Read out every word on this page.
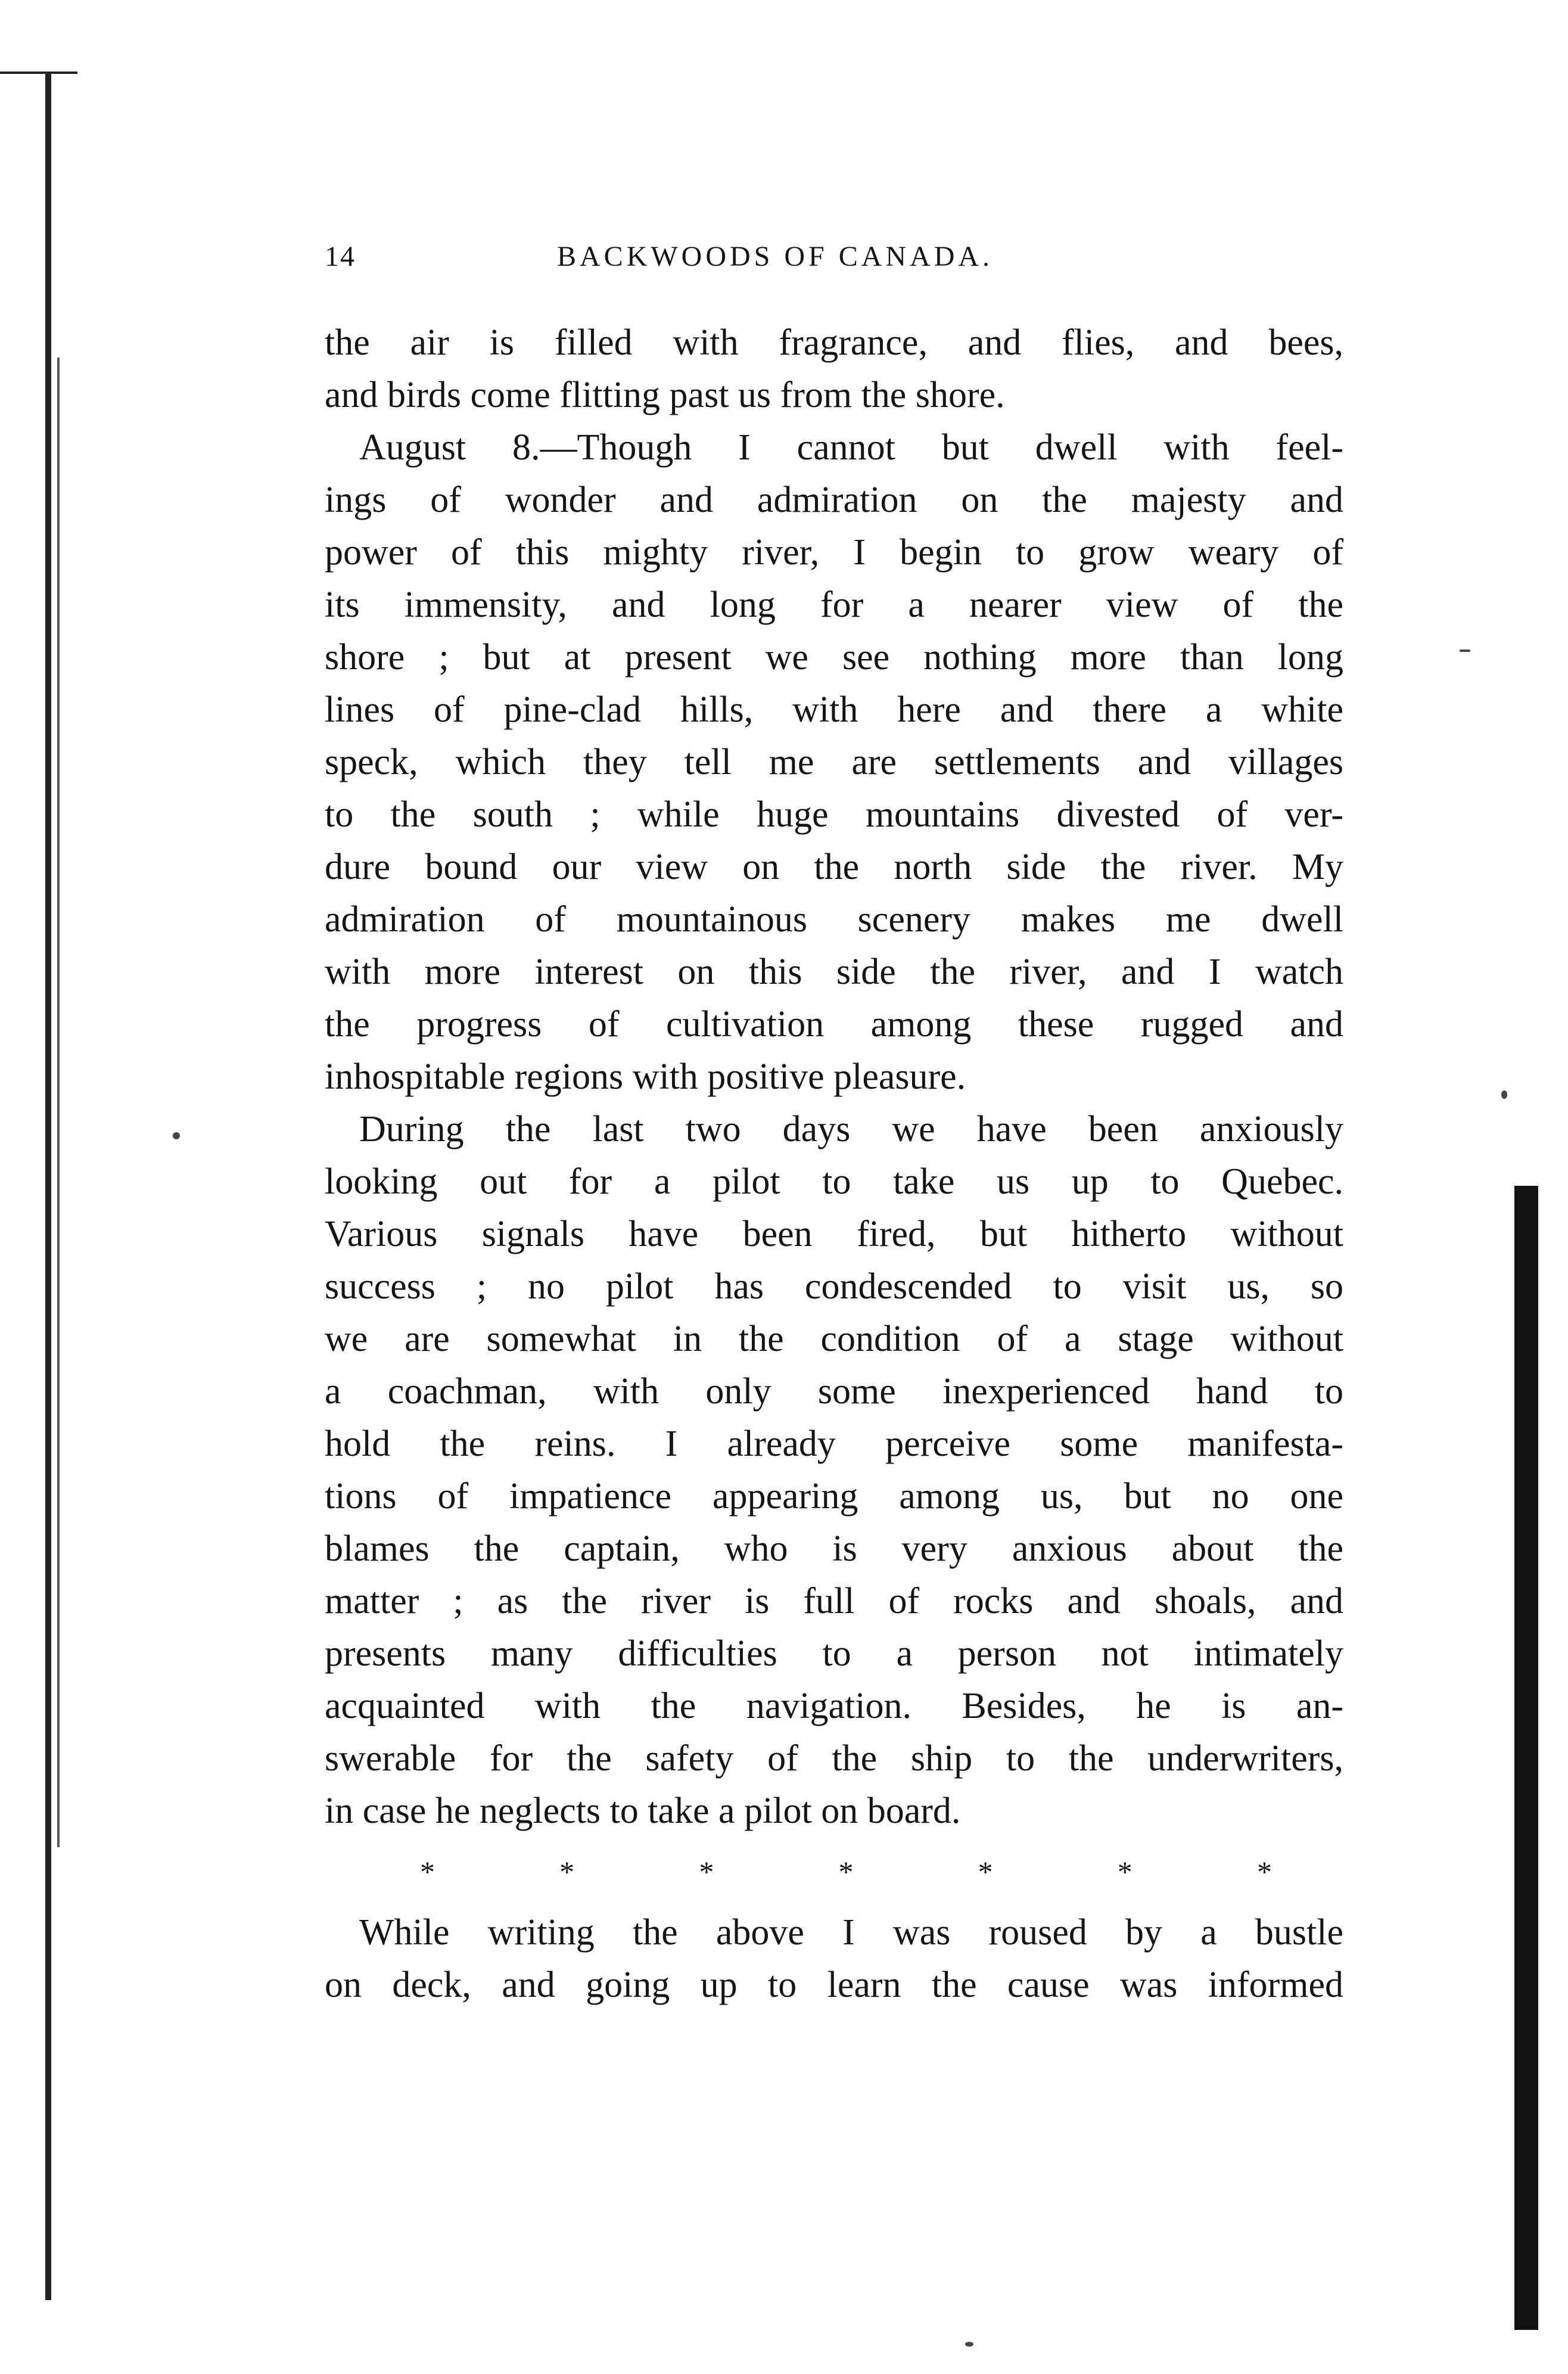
14	BACKWOODS OF CANADA.
the air is filled with fragrance, and flies, and bees,
and birds come flitting past us from the shore.
August 8.—Though I cannot but dwell with feel-
ings of wonder and admiration on the majesty and
power of this mighty river, I begin to grow weary of
its immensity, and long for a nearer view of the
shore ; but at present we see nothing more than long
lines of pine-clad hills, with here and there a white
speck, which they tell me are settlements and villages
to the south ; while huge mountains divested of ver-
dure bound our view on the north side the river. My
admiration of mountainous scenery makes me dwell
with more interest on this side the river, and I watch
the progress of cultivation among these rugged and
inhospitable regions with positive pleasure.
During the last two days we have been anxiously
looking out for a pilot to take us up to Quebec.
Various signals have been fired, but hitherto without
success ; no pilot has condescended to visit us, so
we are somewhat in the condition of a stage without
a coachman, with only some inexperienced hand to
hold the reins. I already perceive some manifesta-
tions of impatience appearing among us, but no one
blames the captain, who is very anxious about the
matter ; as the river is full of rocks and shoals, and
presents many difficulties to a person not intimately
acquainted with the navigation. Besides, he is an-
swerable for the safety of the ship to the underwriters,
in case he neglects to take a pilot on board.
*	*	*	*	*	*	*
While writing the above I was roused by a bustle
on deck, and going up to learn the cause was informed
